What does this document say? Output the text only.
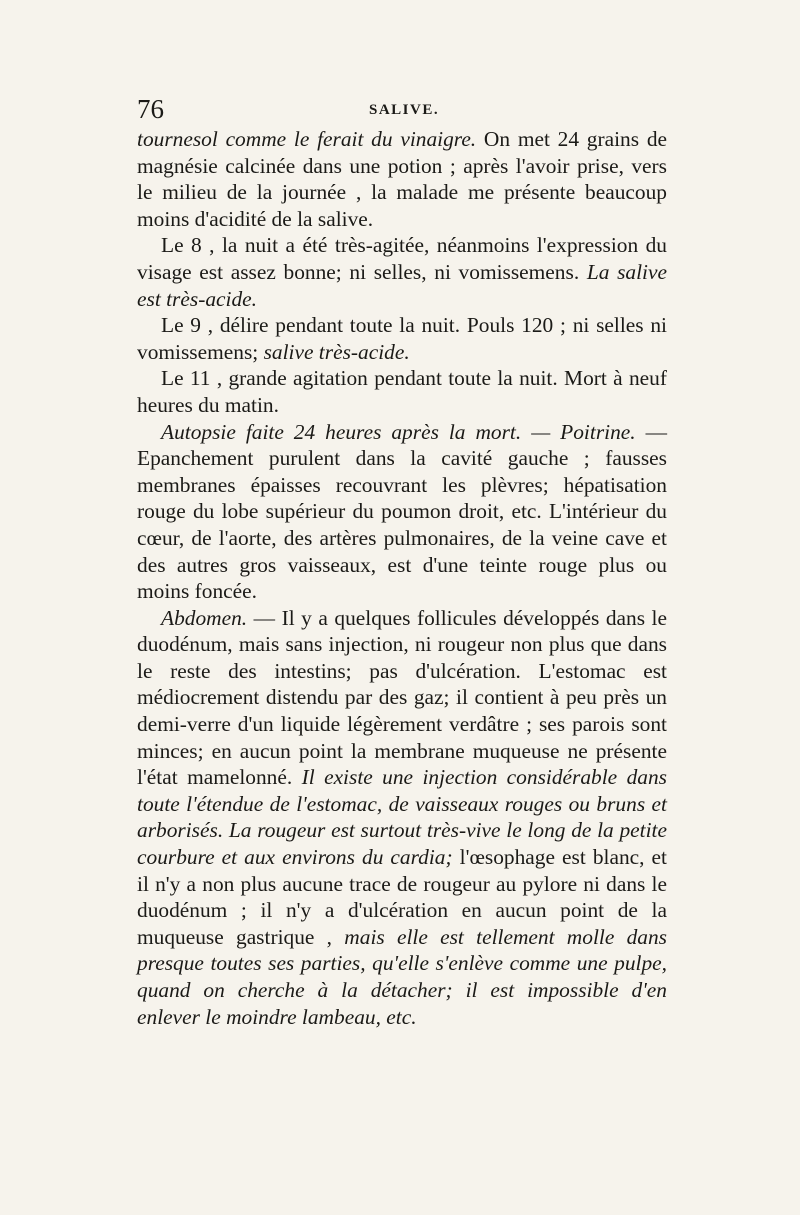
76	SALIVE.

tournesol comme le ferait du vinaigre. On met 24 grains de magnésie calcinée dans une potion ; après l'avoir prise, vers le milieu de la journée , la malade me présente beaucoup moins d'acidité de la salive.

Le 8 , la nuit a été très-agitée, néanmoins l'expression du visage est assez bonne; ni selles, ni vomissemens. La salive est très-acide.

Le 9 , délire pendant toute la nuit. Pouls 120 ; ni selles ni vomissemens; salive très-acide.

Le 11 , grande agitation pendant toute la nuit. Mort à neuf heures du matin.

Autopsie faite 24 heures après la mort. — Poitrine. — Epanchement purulent dans la cavité gauche ; fausses membranes épaisses recouvrant les plèvres; hépatisation rouge du lobe supérieur du poumon droit, etc. L'intérieur du cœur, de l'aorte, des artères pulmonaires, de la veine cave et des autres gros vaisseaux, est d'une teinte rouge plus ou moins foncée.

Abdomen. — Il y a quelques follicules développés dans le duodénum, mais sans injection, ni rougeur non plus que dans le reste des intestins; pas d'ulcération. L'estomac est médiocrement distendu par des gaz; il contient à peu près un demi-verre d'un liquide légèrement verdâtre ; ses parois sont minces; en aucun point la membrane muqueuse ne présente l'état mamelonné. Il existe une injection considérable dans toute l'étendue de l'estomac, de vaisseaux rouges ou bruns et arborisés. La rougeur est surtout très-vive le long de la petite courbure et aux environs du cardia; l'œsophage est blanc, et il n'y a non plus aucune trace de rougeur au pylore ni dans le duodénum ; il n'y a d'ulcération en aucun point de la muqueuse gastrique , mais elle est tellement molle dans presque toutes ses parties, qu'elle s'enlève comme une pulpe, quand on cherche à la détacher; il est impossible d'en enlever le moindre lambeau, etc.
